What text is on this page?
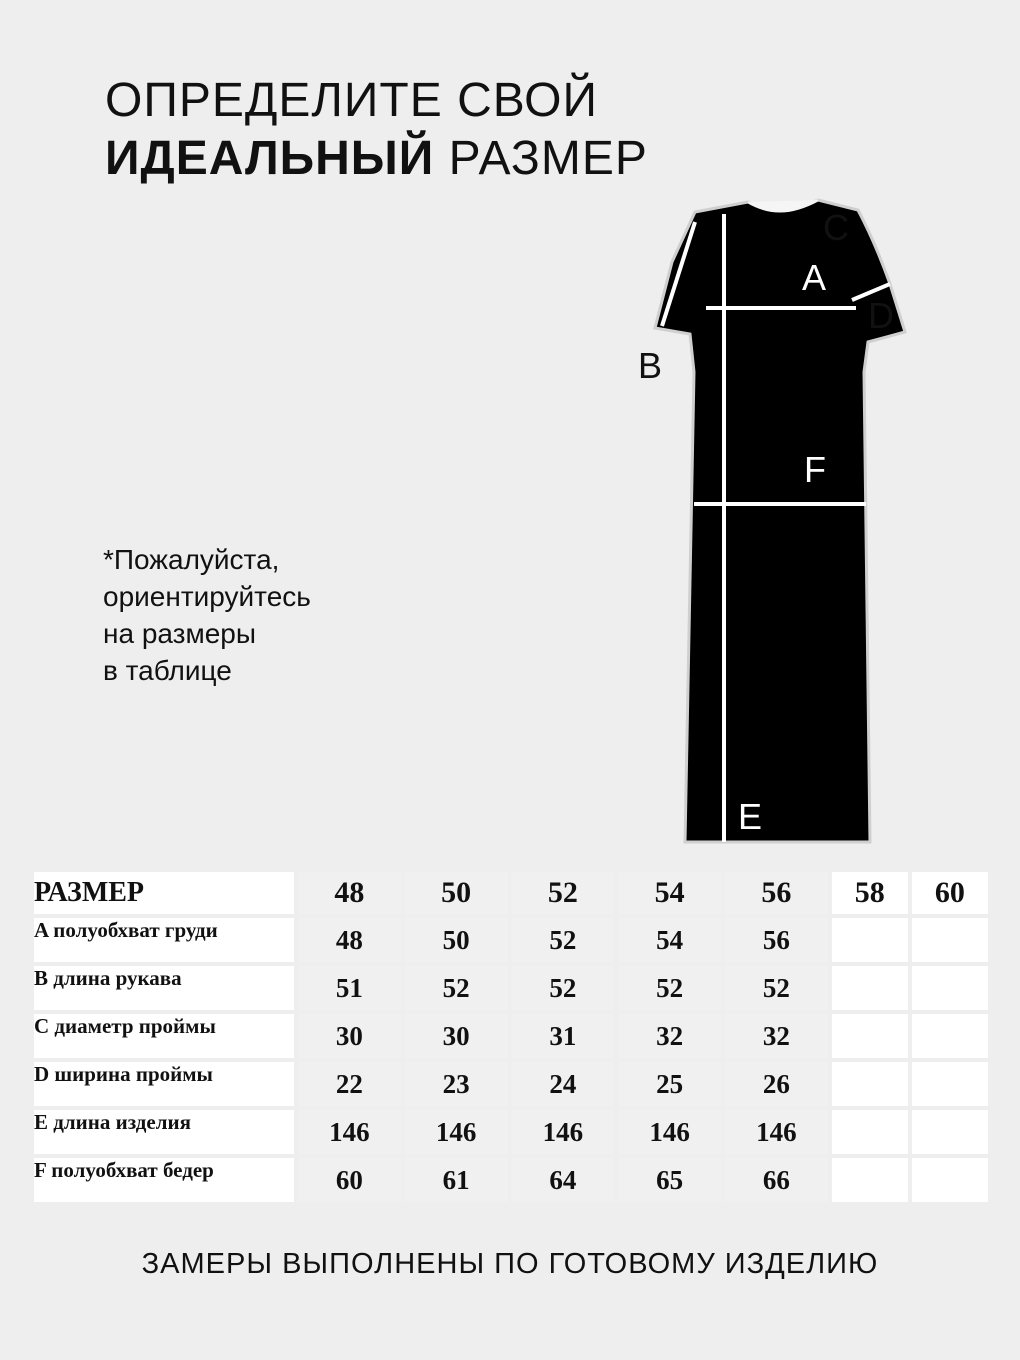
ОПРЕДЕЛИТЕ СВОЙ
ИДЕАЛЬНЫЙ РАЗМЕР
*Пожалуйста,
ориентируйтесь
на размеры
в таблице
C
A
D
B
F
E
РАЗМЕР	48	50	52	54	56	58	60
A полуобхват груди	48	50	52	54	56		
B длина рукава	51	52	52	52	52		
C диаметр проймы	30	30	31	32	32		
D ширина проймы	22	23	24	25	26		
E длина изделия	146	146	146	146	146		
F полуобхват бедер	60	61	64	65	66		
ЗАМЕРЫ ВЫПОЛНЕНЫ ПО ГОТОВОМУ ИЗДЕЛИЮ
